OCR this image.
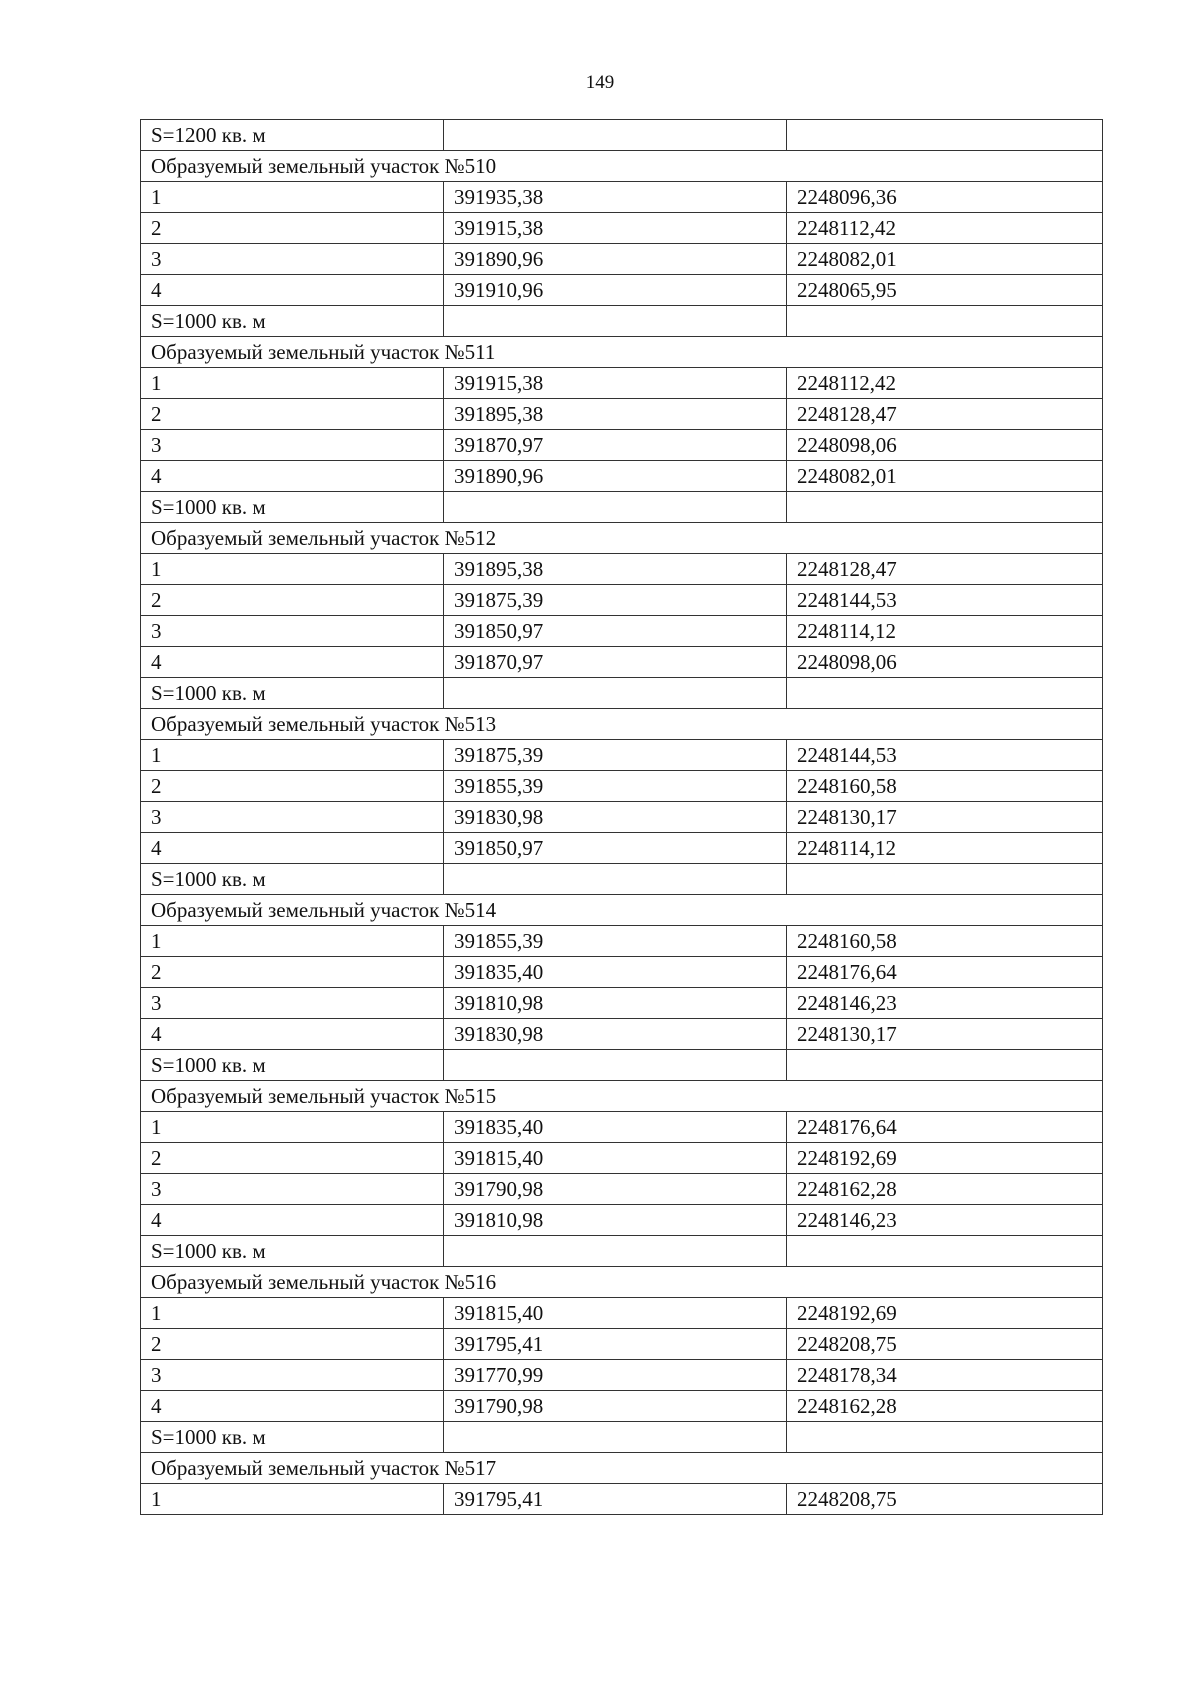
149
S=1200 кв. м		
Образуемый земельный участок №510		
1	391935,38	2248096,36
2	391915,38	2248112,42
3	391890,96	2248082,01
4	391910,96	2248065,95
S=1000 кв. м		
Образуемый земельный участок №511		
1	391915,38	2248112,42
2	391895,38	2248128,47
3	391870,97	2248098,06
4	391890,96	2248082,01
S=1000 кв. м		
Образуемый земельный участок №512		
1	391895,38	2248128,47
2	391875,39	2248144,53
3	391850,97	2248114,12
4	391870,97	2248098,06
S=1000 кв. м		
Образуемый земельный участок №513		
1	391875,39	2248144,53
2	391855,39	2248160,58
3	391830,98	2248130,17
4	391850,97	2248114,12
S=1000 кв. м		
Образуемый земельный участок №514		
1	391855,39	2248160,58
2	391835,40	2248176,64
3	391810,98	2248146,23
4	391830,98	2248130,17
S=1000 кв. м		
Образуемый земельный участок №515		
1	391835,40	2248176,64
2	391815,40	2248192,69
3	391790,98	2248162,28
4	391810,98	2248146,23
S=1000 кв. м		
Образуемый земельный участок №516		
1	391815,40	2248192,69
2	391795,41	2248208,75
3	391770,99	2248178,34
4	391790,98	2248162,28
S=1000 кв. м		
Образуемый земельный участок №517		
1	391795,41	2248208,75
